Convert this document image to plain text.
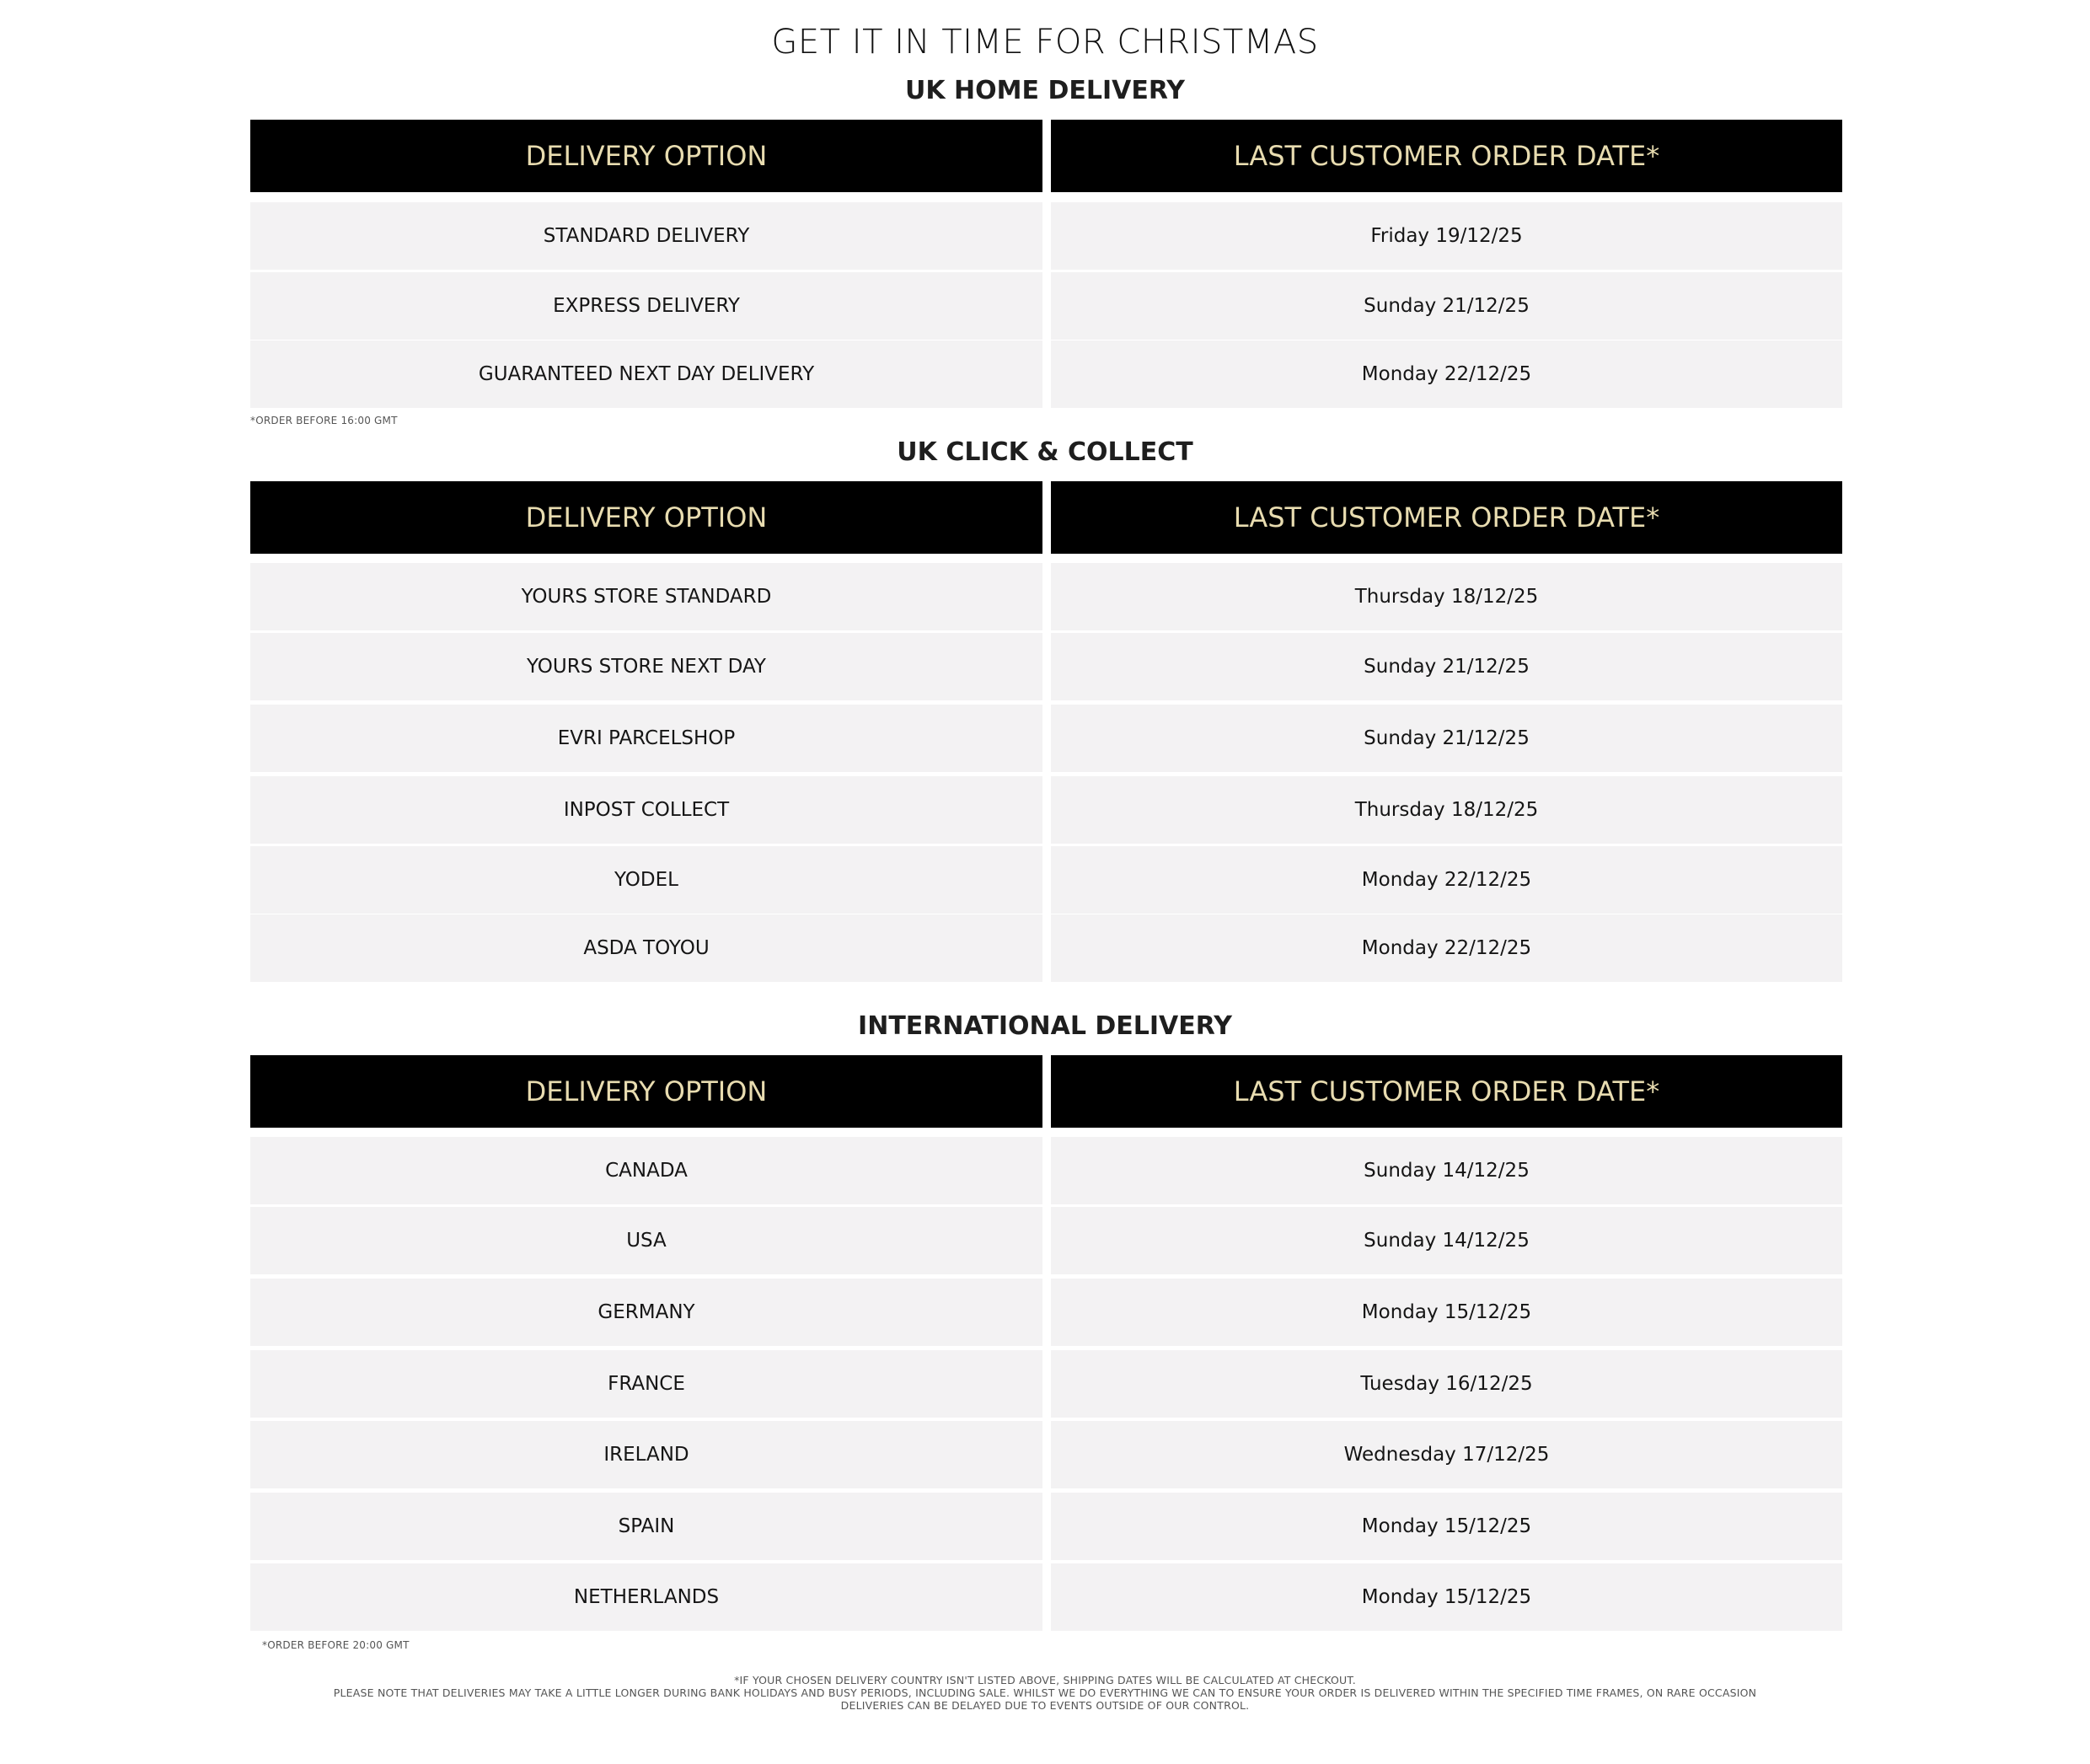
GET IT IN TIME FOR CHRISTMAS
UK HOME DELIVERY
DELIVERY OPTION	LAST CUSTOMER ORDER DATE*
STANDARD DELIVERY	Friday 19/12/25
EXPRESS DELIVERY	Sunday 21/12/25
GUARANTEED NEXT DAY DELIVERY	Monday 22/12/25
*ORDER BEFORE 16:00 GMT
UK CLICK & COLLECT
DELIVERY OPTION	LAST CUSTOMER ORDER DATE*
YOURS STORE STANDARD	Thursday 18/12/25
YOURS STORE NEXT DAY	Sunday 21/12/25
EVRI PARCELSHOP	Sunday 21/12/25
INPOST COLLECT	Thursday 18/12/25
YODEL	Monday 22/12/25
ASDA TOYOU	Monday 22/12/25
INTERNATIONAL DELIVERY
DELIVERY OPTION	LAST CUSTOMER ORDER DATE*
CANADA	Sunday 14/12/25
USA	Sunday 14/12/25
GERMANY	Monday 15/12/25
FRANCE	Tuesday 16/12/25
IRELAND	Wednesday 17/12/25
SPAIN	Monday 15/12/25
NETHERLANDS	Monday 15/12/25
*ORDER BEFORE 20:00 GMT
*IF YOUR CHOSEN DELIVERY COUNTRY ISN'T LISTED ABOVE, SHIPPING DATES WILL BE CALCULATED AT CHECKOUT.
PLEASE NOTE THAT DELIVERIES MAY TAKE A LITTLE LONGER DURING BANK HOLIDAYS AND BUSY PERIODS, INCLUDING SALE. WHILST WE DO EVERYTHING WE CAN TO ENSURE YOUR ORDER IS DELIVERED WITHIN THE SPECIFIED TIME FRAMES, ON RARE OCCASION DELIVERIES CAN BE DELAYED DUE TO EVENTS OUTSIDE OF OUR CONTROL.
